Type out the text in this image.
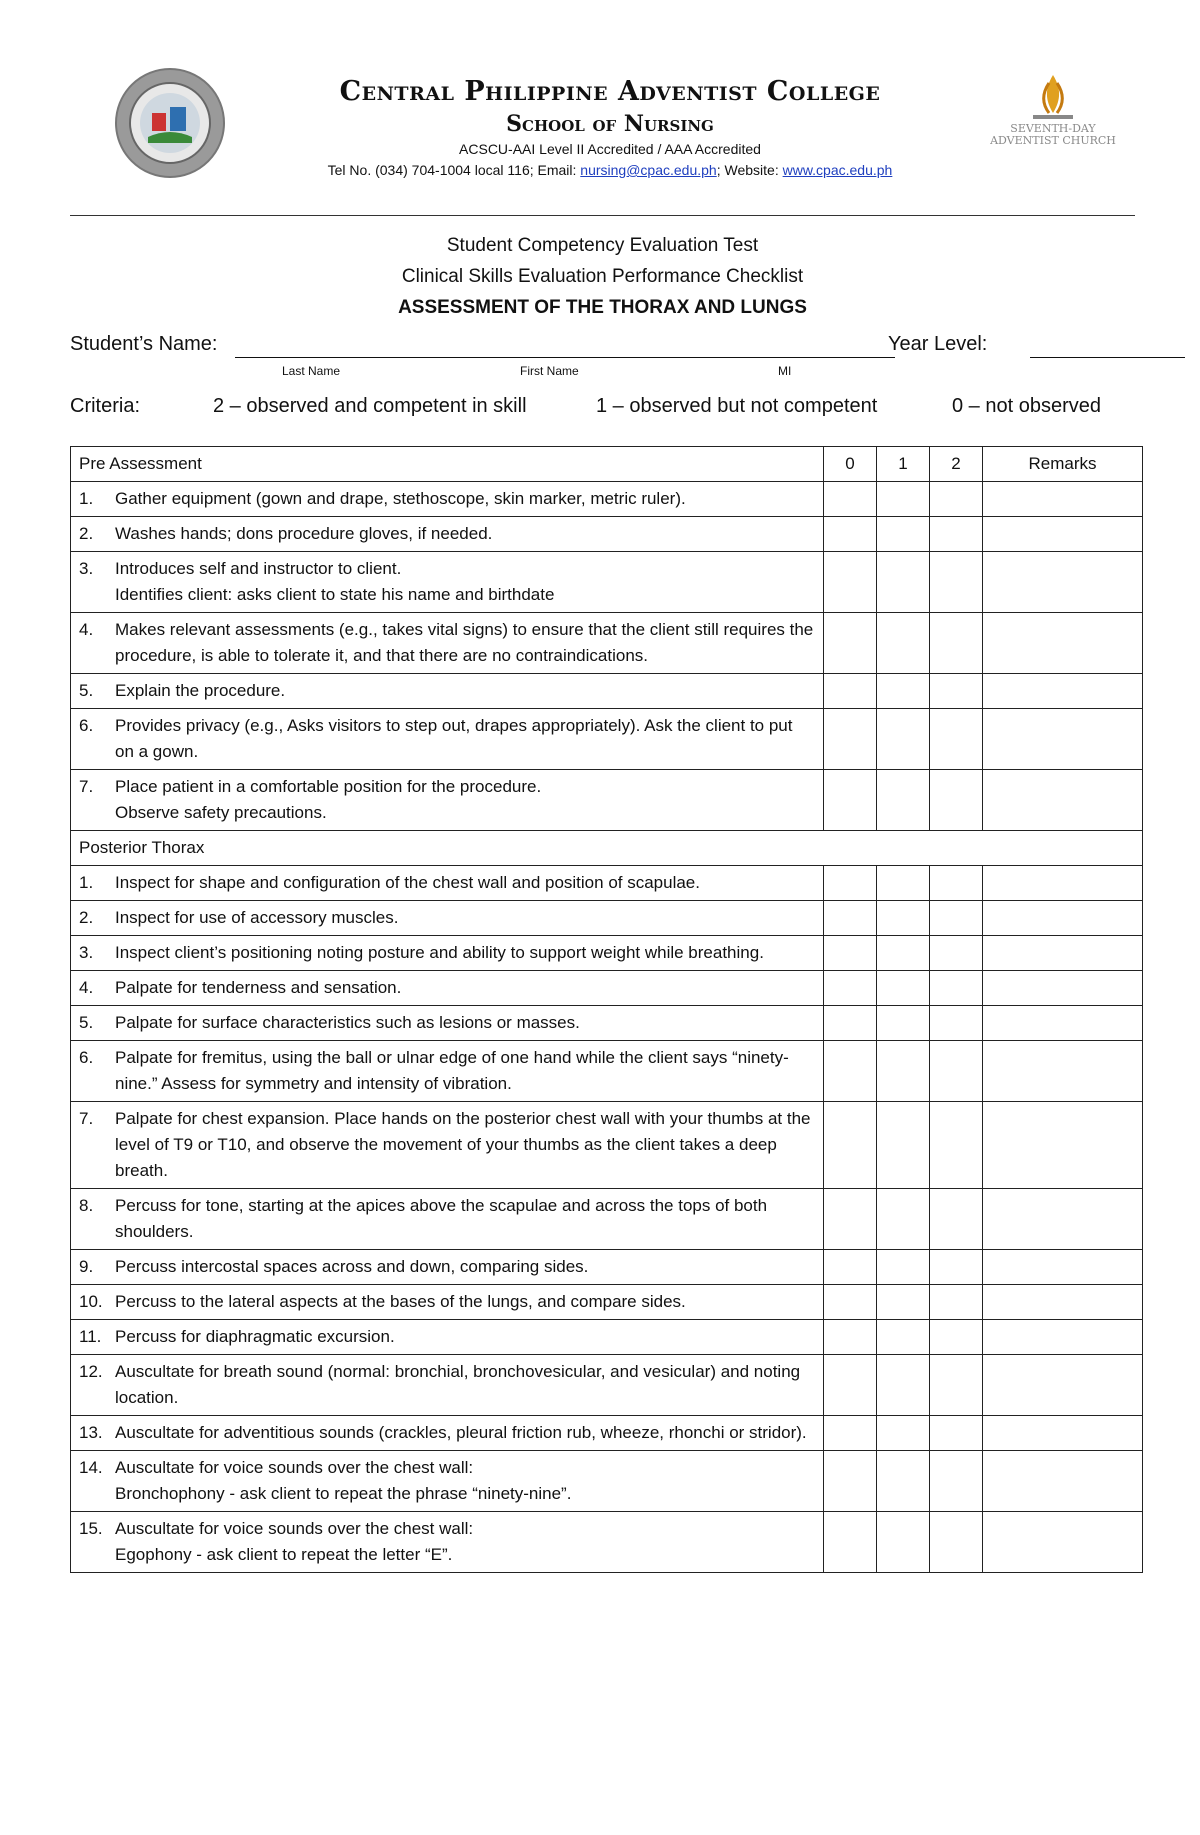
Central Philippine Adventist College
School of Nursing
ACSCU-AAI Level II Accredited / AAA Accredited
Tel No. (034) 704-1004 local 116; Email: nursing@cpac.edu.ph; Website: www.cpac.edu.ph
SEVENTH-DAY ADVENTIST CHURCH
Student Competency Evaluation Test
Clinical Skills Evaluation Performance Checklist
ASSESSMENT OF THE THORAX AND LUNGS
Student’s Name:	Year Level:
Last Name	First Name	MI
Criteria:	2 – observed and competent in skill	1 – observed but not competent	0 – not observed
Pre Assessment	0	1	2	Remarks

1. Gather equipment (gown and drape, stethoscope, skin marker, metric ruler).				

2. Washes hands; dons procedure gloves, if needed.				

3. Introduces self and instructor to client.
Identifies client: asks client to state his name and birthdate				

4. Makes relevant assessments (e.g., takes vital signs) to ensure that the client still requires the procedure, is able to tolerate it, and that there are no contraindications.				

5. Explain the procedure.				

6. Provides privacy (e.g., Asks visitors to step out, drapes appropriately). Ask the client to put on a gown.				

7. Place patient in a comfortable position for the procedure.
Observe safety precautions.				

Posterior Thorax				

1. Inspect for shape and configuration of the chest wall and position of scapulae.				

2. Inspect for use of accessory muscles.				

3. Inspect client’s positioning noting posture and ability to support weight while breathing.				

4. Palpate for tenderness and sensation.				

5. Palpate for surface characteristics such as lesions or masses.				

6. Palpate for fremitus, using the ball or ulnar edge of one hand while the client says “ninety-nine.” Assess for symmetry and intensity of vibration.				

7. Palpate for chest expansion. Place hands on the posterior chest wall with your thumbs at the level of T9 or T10, and observe the movement of your thumbs as the client takes a deep breath.				

8. Percuss for tone, starting at the apices above the scapulae and across the tops of both shoulders.				

9. Percuss intercostal spaces across and down, comparing sides.				

10. Percuss to the lateral aspects at the bases of the lungs, and compare sides.				

11. Percuss for diaphragmatic excursion.				

12. Auscultate for breath sound (normal: bronchial, bronchovesicular, and vesicular) and noting location.				

13. Auscultate for adventitious sounds (crackles, pleural friction rub, wheeze, rhonchi or stridor).				

14. Auscultate for voice sounds over the chest wall:
Bronchophony - ask client to repeat the phrase “ninety-nine”.				

15. Auscultate for voice sounds over the chest wall:
Egophony - ask client to repeat the letter “E”.				
